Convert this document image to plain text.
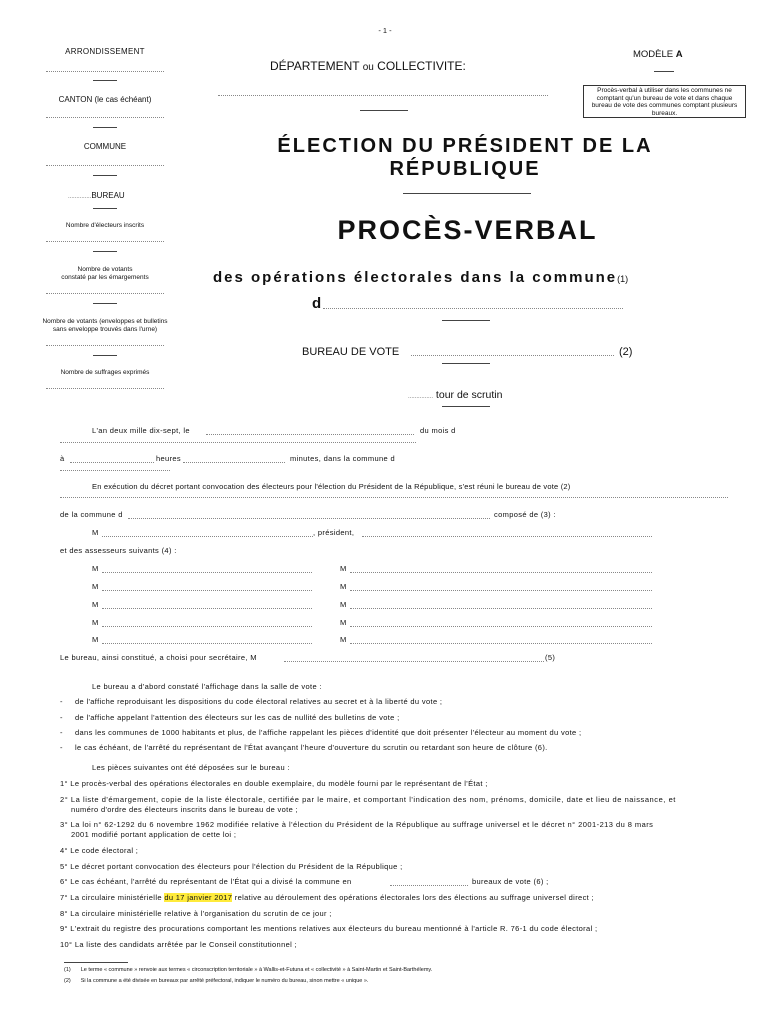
- 1 -
ARRONDISSEMENT
CANTON (le cas échéant)
COMMUNE
..............BUREAU
Nombre d'électeurs inscrits
Nombre de votants
constaté par les émargements
Nombre de votants (enveloppes et bulletins
sans enveloppe trouvés dans l'urne)
Nombre de suffrages exprimés
DÉPARTEMENT ou COLLECTIVITE:
MODÈLE A
Procès-verbal à utiliser dans les communes ne comptant qu'un bureau de vote et dans chaque bureau de vote des communes comptant plusieurs bureaux.
ÉLECTION DU PRÉSIDENT DE LA
RÉPUBLIQUE
PROCÈS-VERBAL
des opérations électorales dans la commune(1)
d
BUREAU DE VOTE	(2)
............... tour de scrutin
L'an deux mille dix-sept, le	du mois d
à	heures	minutes, dans la commune d
En exécution du décret portant convocation des électeurs pour l'élection du Président de la République, s'est réuni le bureau de vote (2)
de la commune d	composé de (3) :
M	, président,
et des assesseurs suivants (4) :
M	M
M	M
M	M
M	M
M	M
Le bureau, ainsi constitué, a choisi pour secrétaire, M	(5)
Le bureau a d'abord constaté l'affichage dans la salle de vote :
- de l'affiche reproduisant les dispositions du code électoral relatives au secret et à la liberté du vote ;
- de l'affiche appelant l'attention des électeurs sur les cas de nullité des bulletins de vote ;
- dans les communes de 1000 habitants et plus, de l'affiche rappelant les pièces d'identité que doit présenter l'électeur au moment du vote ;
- le cas échéant, de l'arrêté du représentant de l'État avançant l'heure d'ouverture du scrutin ou retardant son heure de clôture (6).
Les pièces suivantes ont été déposées sur le bureau :
1° Le procès-verbal des opérations électorales en double exemplaire, du modèle fourni par le représentant de l'État ;
2° La liste d'émargement, copie de la liste électorale, certifiée par le maire, et comportant l'indication des nom, prénoms, domicile, date et lieu de naissance, et
numéro d'ordre des électeurs inscrits dans le bureau de vote ;
3° La loi n° 62-1292 du 6 novembre 1962 modifiée relative à l'élection du Président de la République au suffrage universel et le décret n° 2001-213 du 8 mars
2001 modifié portant application de cette loi ;
4° Le code électoral ;
5° Le décret portant convocation des électeurs pour l'élection du Président de la République ;
6° Le cas échéant, l'arrêté du représentant de l'État qui a divisé la commune en	bureaux de vote (6) ;
7° La circulaire ministérielle du 17 janvier 2017 relative au déroulement des opérations électorales lors des élections au suffrage universel direct ;
8° La circulaire ministérielle relative à l'organisation du scrutin de ce jour ;
9° L'extrait du registre des procurations comportant les mentions relatives aux électeurs du bureau mentionné à l'article R. 76-1 du code électoral ;
10° La liste des candidats arrêtée par le Conseil constitutionnel ;
(1) Le terme « commune » renvoie aux termes « circonscription territoriale » à Wallis-et-Futuna et « collectivité » à Saint-Martin et Saint-Barthélemy.
(2) Si la commune a été divisée en bureaux par arrêté préfectoral, indiquer le numéro du bureau, sinon mettre « unique ».
